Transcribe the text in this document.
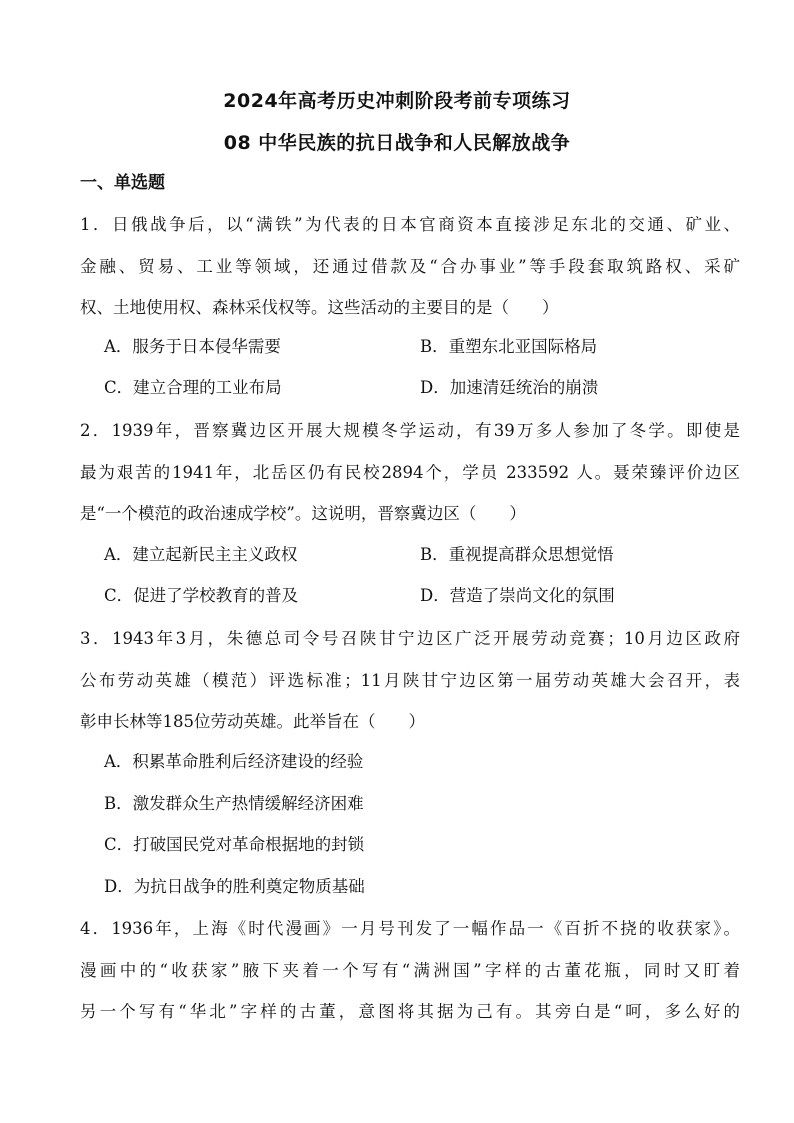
2024年高考历史冲刺阶段考前专项练习
08 中华民族的抗日战争和人民解放战争
一、单选题
1．日俄战争后，以“满铁”为代表的日本官商资本直接涉足东北的交通、矿业、
金融、贸易、工业等领域，还通过借款及“合办事业”等手段套取筑路权、采矿
权、土地使用权、森林采伐权等。这些活动的主要目的是（　　）
A．服务于日本侵华需要	B．重塑东北亚国际格局
C．建立合理的工业布局	D．加速清廷统治的崩溃
2．1939年，晋察冀边区开展大规模冬学运动，有39万多人参加了冬学。即使是
最为艰苦的1941年，北岳区仍有民校2894个，学员 233592 人。聂荣臻评价边区
是“一个模范的政治速成学校”。这说明，晋察冀边区（　　）
A．建立起新民主主义政权	B．重视提高群众思想觉悟
C．促进了学校教育的普及	D．营造了崇尚文化的氛围
3．1943年3月，朱德总司令号召陕甘宁边区广泛开展劳动竞赛；10月边区政府
公布劳动英雄（模范）评选标准；11月陕甘宁边区第一届劳动英雄大会召开，表
彰申长林等185位劳动英雄。此举旨在（　　）
A．积累革命胜利后经济建设的经验
B．激发群众生产热情缓解经济困难
C．打破国民党对革命根据地的封锁
D．为抗日战争的胜利奠定物质基础
4．1936年，上海《时代漫画》一月号刊发了一幅作品一《百折不挠的收获家》。
漫画中的“收获家”腋下夹着一个写有“满洲国”字样的古董花瓶，同时又盯着
另一个写有“华北”字样的古董，意图将其据为己有。其旁白是“呵，多么好的
